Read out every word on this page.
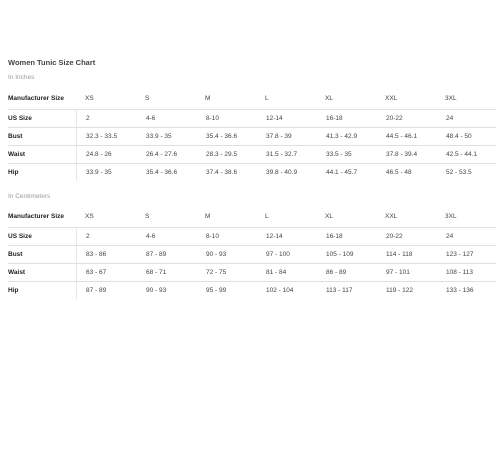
Women Tunic Size Chart
In Inches
Manufacturer Size	XS	S	M	L	XL	XXL	3XL
US Size	2	4-6	8-10	12-14	16-18	20-22	24
Bust	32.3 - 33.5	33.9 - 35	35.4 - 36.6	37.8 - 39	41.3 - 42.9	44.5 - 46.1	48.4 - 50
Waist	24.8 - 26	26.4 - 27.6	28.3 - 29.5	31.5 - 32.7	33.5 - 35	37.8 - 39.4	42.5 - 44.1
Hip	33.9 - 35	35.4 - 36.6	37.4 - 38.6	39.8 - 40.9	44.1 - 45.7	46.5 - 48	52 - 53.5
In Centimeters
Manufacturer Size	XS	S	M	L	XL	XXL	3XL
US Size	2	4-6	8-10	12-14	16-18	20-22	24
Bust	83 - 86	87 - 89	90 - 93	97 - 100	105 - 109	114 - 118	123 - 127
Waist	63 - 67	68 - 71	72 - 75	81 - 84	86 - 89	97 - 101	108 - 113
Hip	87 - 89	90 - 93	95 - 99	102 - 104	113 - 117	119 - 122	133 - 136
